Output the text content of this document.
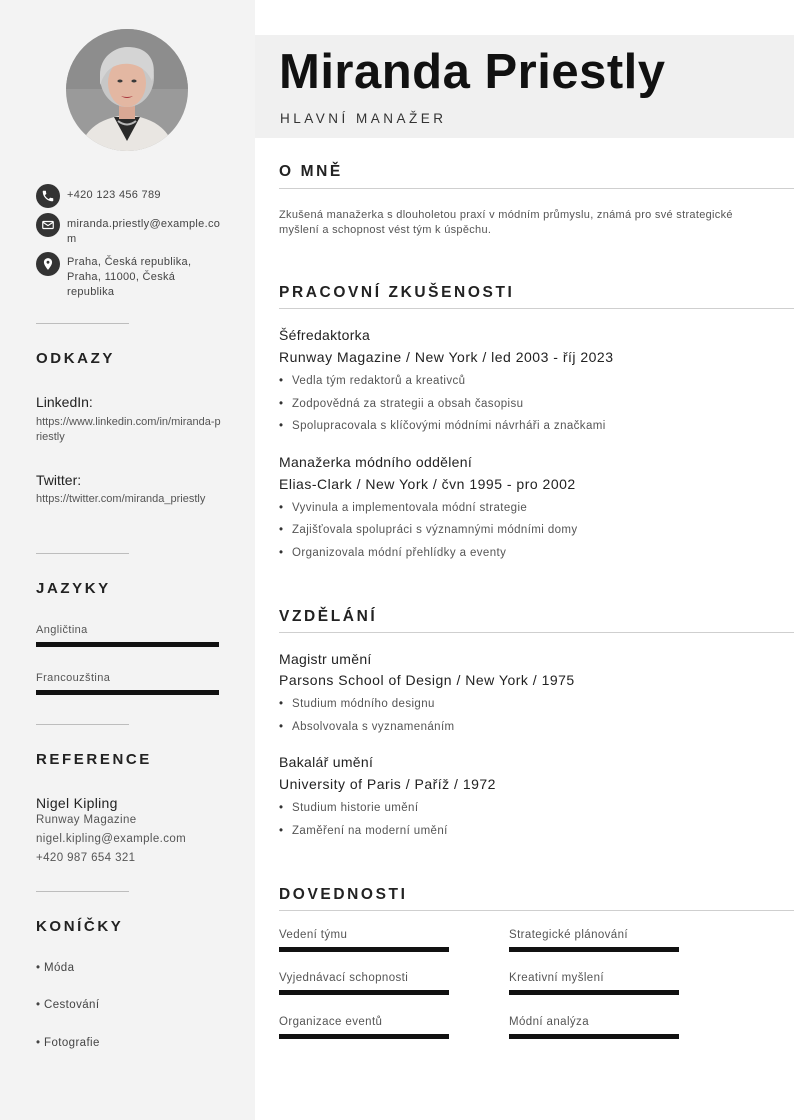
+420 123 456 789
miranda.priestly@example.com
Praha, Česká republika, Praha, 11000, Česká republika
ODKAZY
LinkedIn:
https://www.linkedin.com/in/miranda-priestly
Twitter:
https://twitter.com/miranda_priestly
JAZYKY
Angličtina
Francouzština
REFERENCE
Nigel Kipling
Runway Magazine
nigel.kipling@example.com
+420 987 654 321
KONÍČKY
• Móda
• Cestování
• Fotografie
Miranda Priestly
HLAVNÍ MANAŽER
O MNĚ
Zkušená manažerka s dlouholetou praxí v módním průmyslu, známá pro své strategické myšlení a schopnost vést tým k úspěchu.
PRACOVNÍ ZKUŠENOSTI
Šéfredaktorka
Runway Magazine / New York / led 2003 - říj 2023
• Vedla tým redaktorů a kreativců
• Zodpovědná za strategii a obsah časopisu
• Spolupracovala s klíčovými módními návrháři a značkami
Manažerka módního oddělení
Elias-Clark / New York / čvn 1995 - pro 2002
• Vyvinula a implementovala módní strategie
• Zajišťovala spolupráci s významnými módními domy
• Organizovala módní přehlídky a eventy
VZDĚLÁNÍ
Magistr umění
Parsons School of Design / New York / 1975
• Studium módního designu
• Absolvovala s vyznamenáním
Bakalář umění
University of Paris / Paříž / 1972
• Studium historie umění
• Zaměření na moderní umění
DOVEDNOSTI
Vedení týmu	Strategické plánování
Vyjednávací schopnosti	Kreativní myšlení
Organizace eventů	Módní analýza
